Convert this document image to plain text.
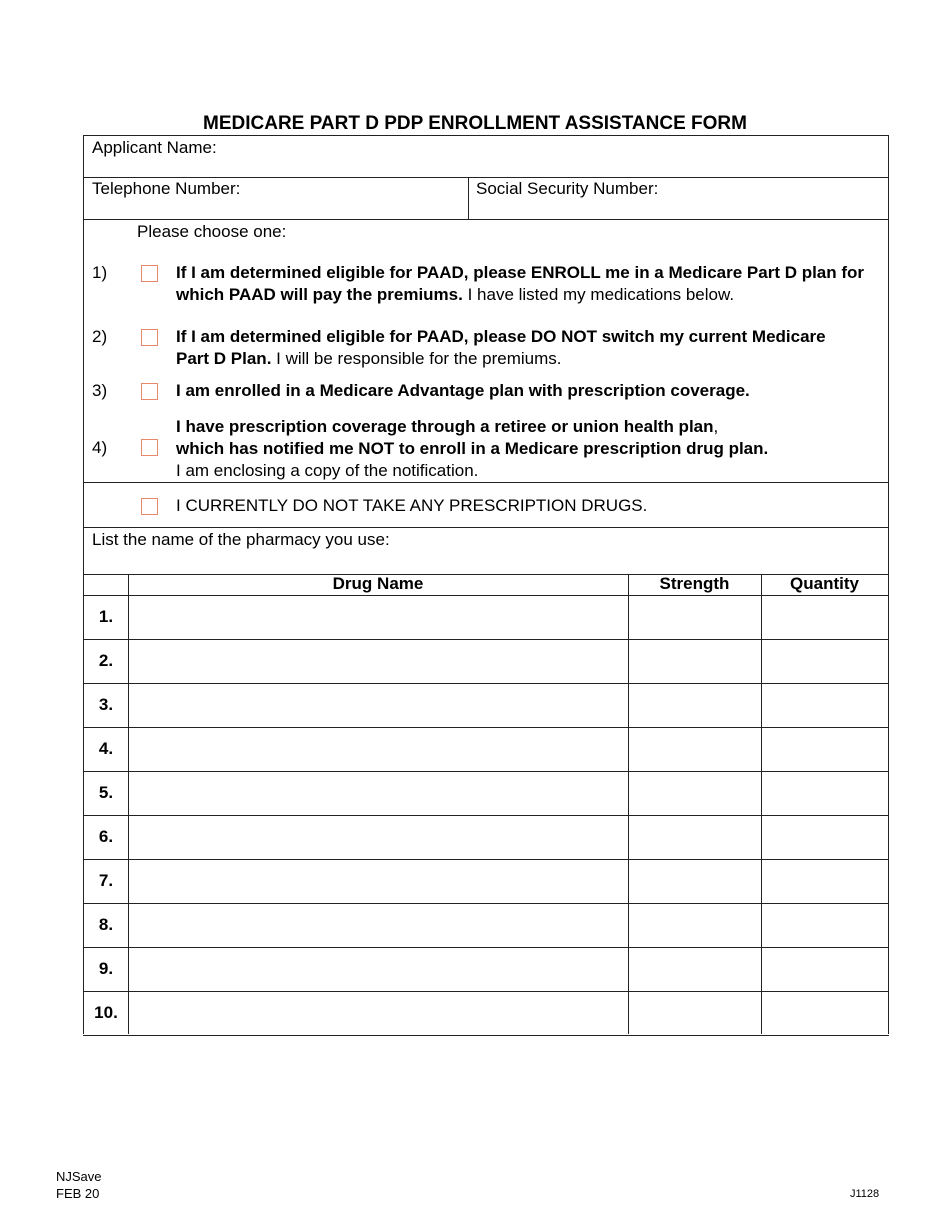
MEDICARE PART D PDP ENROLLMENT ASSISTANCE FORM
Applicant Name:
Telephone Number:	Social Security Number:
Please choose one:
1)	If I am determined eligible for PAAD, please ENROLL me in a Medicare Part D plan for which PAAD will pay the premiums. I have listed my medications below.
2)	If I am determined eligible for PAAD, please DO NOT switch my current Medicare Part D Plan. I will be responsible for the premiums.
3)	I am enrolled in a Medicare Advantage plan with prescription coverage.
4)
I have prescription coverage through a retiree or union health plan,
which has notified me NOT to enroll in a Medicare prescription drug plan.
I am enclosing a copy of the notification.
I CURRENTLY DO NOT TAKE ANY PRESCRIPTION DRUGS.
List the name of the pharmacy you use:
Drug Name	Strength	Quantity
1.
2.
3.
4.
5.
6.
7.
8.
9.
10.
NJSave
FEB 20	J1128
